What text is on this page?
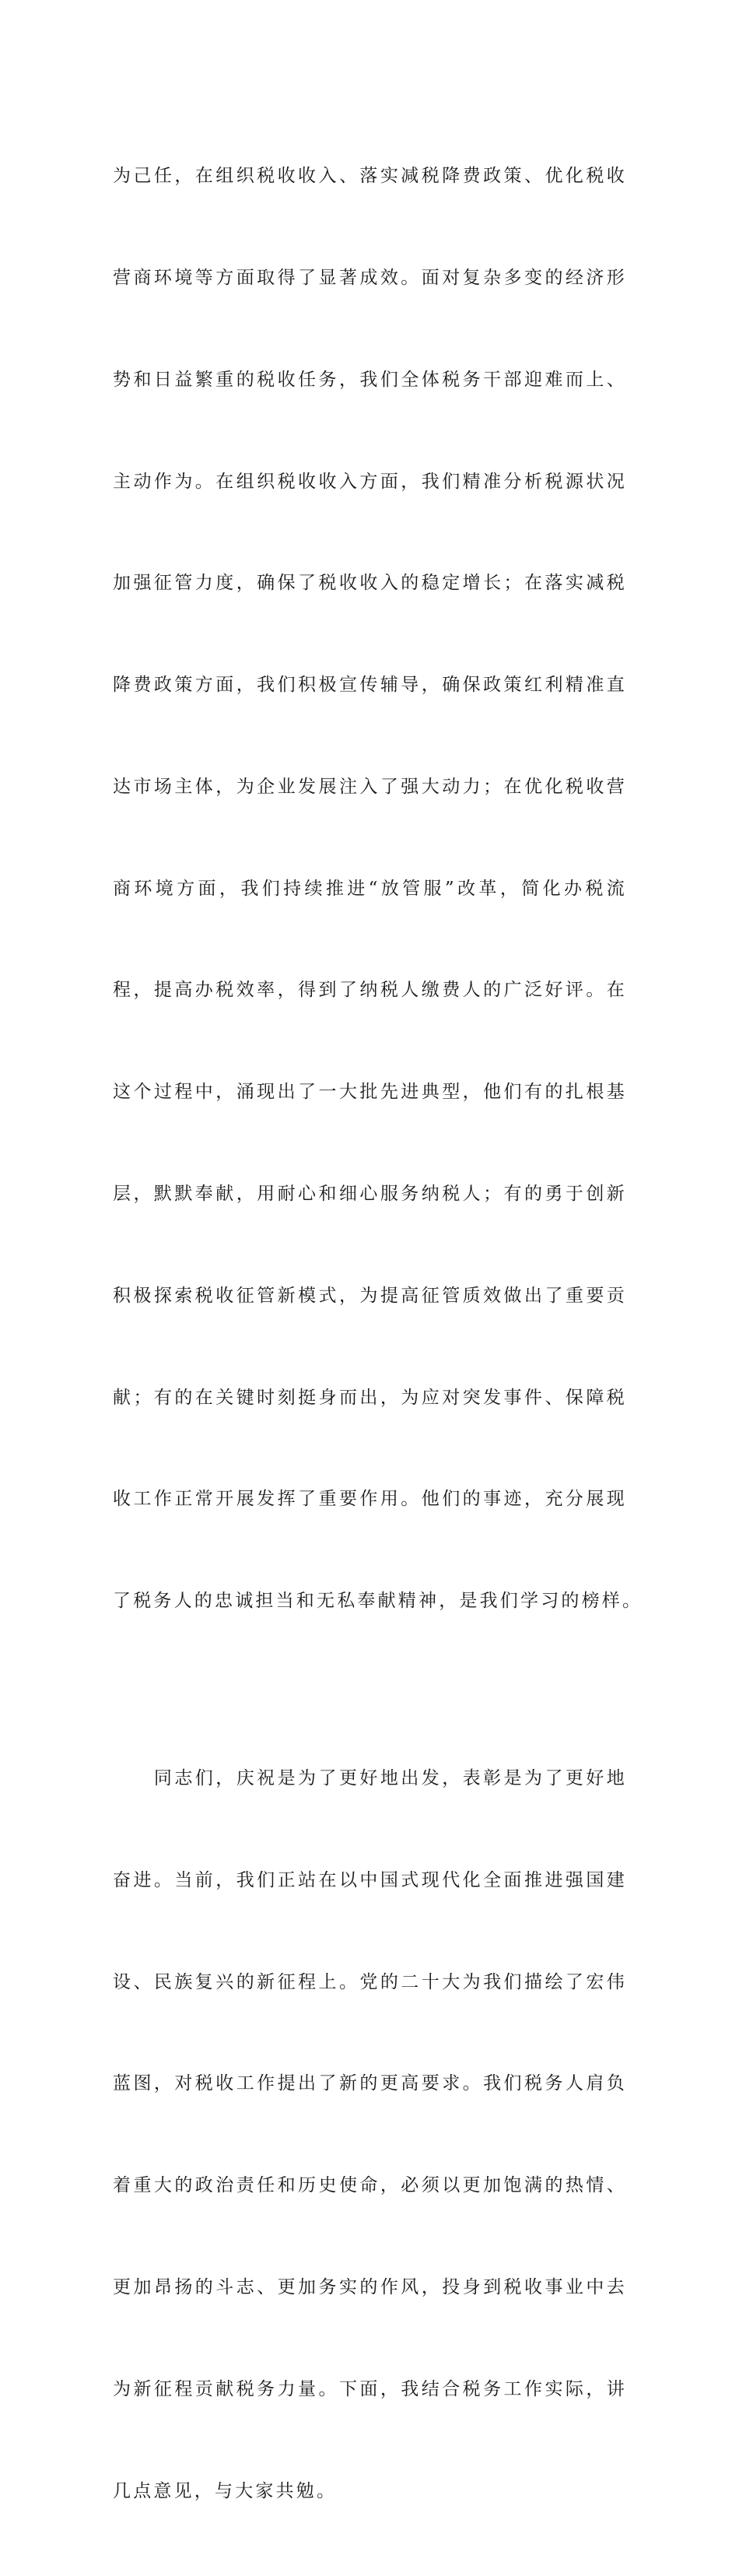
为己任，在组织税收收入、落实减税降费政策、优化税收

营商环境等方面取得了显著成效。面对复杂多变的经济形

势和日益繁重的税收任务，我们全体税务干部迎难而上、

主动作为。在组织税收收入方面，我们精准分析税源状况

加强征管力度，确保了税收收入的稳定增长；在落实减税

降费政策方面，我们积极宣传辅导，确保政策红利精准直

达市场主体，为企业发展注入了强大动力；在优化税收营

商环境方面，我们持续推进“放管服”改革，简化办税流

程，提高办税效率，得到了纳税人缴费人的广泛好评。在

这个过程中，涌现出了一大批先进典型，他们有的扎根基

层，默默奉献，用耐心和细心服务纳税人；有的勇于创新

积极探索税收征管新模式，为提高征管质效做出了重要贡

献；有的在关键时刻挺身而出，为应对突发事件、保障税

收工作正常开展发挥了重要作用。他们的事迹，充分展现

了税务人的忠诚担当和无私奉献精神，是我们学习的榜样。

　　同志们，庆祝是为了更好地出发，表彰是为了更好地

奋进。当前，我们正站在以中国式现代化全面推进强国建

设、民族复兴的新征程上。党的二十大为我们描绘了宏伟

蓝图，对税收工作提出了新的更高要求。我们税务人肩负

着重大的政治责任和历史使命，必须以更加饱满的热情、

更加昂扬的斗志、更加务实的作风，投身到税收事业中去

为新征程贡献税务力量。下面，我结合税务工作实际，讲

几点意见，与大家共勉。
